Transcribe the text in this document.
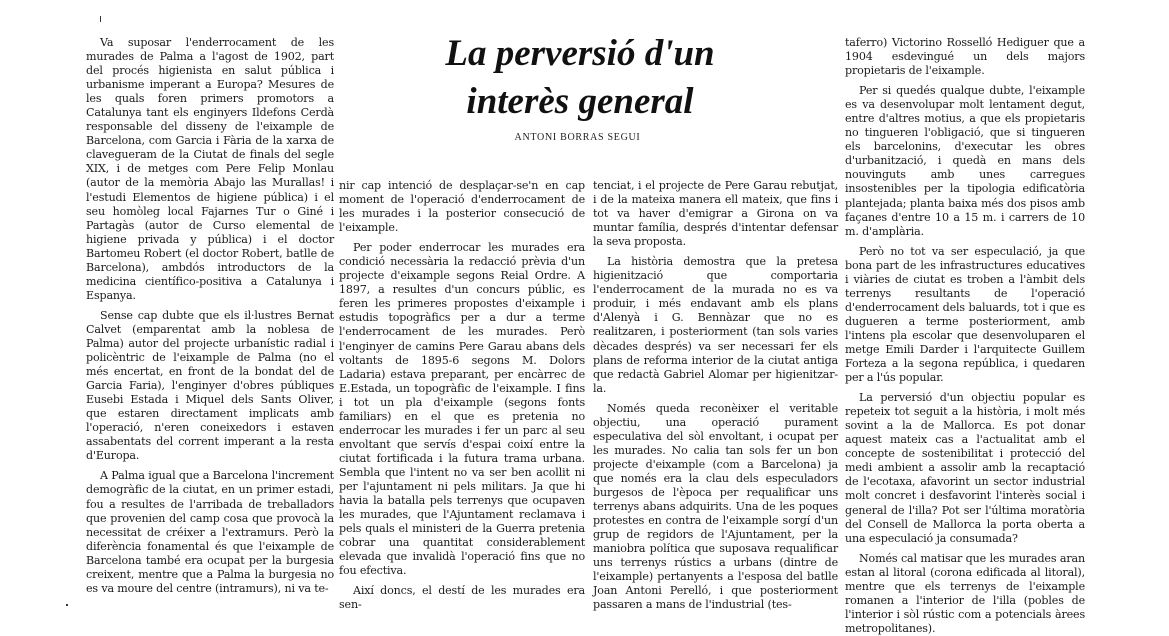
La perversió d'un
interès general
ANTONI BORRAS SEGUI

Va suposar l'enderrocament de les murades de Palma a l'agost de 1902, part del procés higienista en salut pública i urbanisme imperant a Europa? Mesures de les quals foren primers promotors a Catalunya tant els enginyers Ildefons Cerdà responsable del disseny de l'eixample de Barcelona, com Garcia i Fària de la xarxa de clavegueram de la Ciutat de finals del segle XIX, i de metges com Pere Felip Monlau (autor de la memòria Abajo las Murallas! i l'estudi Elementos de higiene pública) i el seu homòleg local Fajarnes Tur o Giné i Partagàs (autor de Curso elemental de higiene privada y pública) i el doctor Bartomeu Robert (el doctor Robert, batlle de Barcelona), ambdós introductors de la medicina científico-positiva a Catalunya i Espanya.

Sense cap dubte que els il·lustres Bernat Calvet (emparentat amb la noblesa de Palma) autor del projecte urbanístic radial i policèntric de l'eixample de Palma (no el més encertat, en front de la bondat del de Garcia Faria), l'enginyer d'obres públiques Eusebi Estada i Miquel dels Sants Oliver, que estaren directament implicats amb l'operació, n'eren coneixedors i estaven assabentats del corrent imperant a la resta d'Europa.

A Palma igual que a Barcelona l'increment demogràfic de la ciutat, en un primer estadi, fou a resultes de l'arribada de treballadors que provenien del camp cosa que provocà la necessitat de créixer a l'extramurs. Però la diferència fonamental és que l'eixample de Barcelona també era ocupat per la burgesia creixent, mentre que a Palma la burgesia no es va moure del centre (intramurs), ni va te-

nir cap intenció de desplaçar-se'n en cap moment de l'operació d'enderrocament de les murades i la posterior consecució de l'eixample.

Per poder enderrocar les murades era condició necessària la redacció prèvia d'un projecte d'eixample segons Reial Ordre. A 1897, a resultes d'un concurs públic, es feren les primeres propostes d'eixample i estudis topogràfics per a dur a terme l'enderrocament de les murades. Però l'enginyer de camins Pere Garau abans dels voltants de 1895-6 segons M. Dolors Ladaria) estava preparant, per encàrrec de E.Estada, un topogràfic de l'eixample. I fins i tot un pla d'eixample (segons fonts familiars) en el que es pretenia no enderrocar les murades i fer un parc al seu envoltant que servís d'espai coixí entre la ciutat fortificada i la futura trama urbana. Sembla que l'intent no va ser ben acollit ni per l'ajuntament ni pels militars. Ja que hi havia la batalla pels terrenys que ocupaven les murades, que l'Ajuntament reclamava i pels quals el ministeri de la Guerra pretenia cobrar una quantitat considerablement elevada que invalidà l'operació fins que no fou efectiva.

Així doncs, el destí de les murades era sen-

tenciat, i el projecte de Pere Garau rebutjat, i de la mateixa manera ell mateix, que fins i tot va haver d'emigrar a Girona on va muntar família, després d'intentar defensar la seva proposta.

La història demostra que la pretesa higienització que comportaria l'enderrocament de la murada no es va produir, i més endavant amb els plans d'Alenyà i G. Bennàzar que no es realitzaren, i posteriorment (tan sols varies dècades després) va ser necessari fer els plans de reforma interior de la ciutat antiga que redactà Gabriel Alomar per higienitzar-la.

Només queda reconèixer el veritable objectiu, una operació purament especulativa del sòl envoltant, i ocupat per les murades. No calia tan sols fer un bon projecte d'eixample (com a Barcelona) ja que només era la clau dels especuladors burgesos de l'època per requalificar uns terrenys abans adquirits. Una de les poques protestes en contra de l'eixample sorgí d'un grup de regidors de l'Ajuntament, per la maniobra política que suposava requalificar uns terrenys rústics a urbans (dintre de l'eixample) pertanyents a l'esposa del batlle Joan Antoni Perelló, i que posteriorment passaren a mans de l'industrial (tes-

taferro) Victorino Rosselló Hediguer que a 1904 esdevingué un dels majors propietaris de l'eixample.

Per si quedés qualque dubte, l'eixample es va desenvolupar molt lentament degut, entre d'altres motius, a que els propietaris no tingueren l'obligació, que si tingueren els barcelonins, d'executar les obres d'urbanització, i quedà en mans dels nouvinguts amb unes carregues insostenibles per la tipologia edificatòria plantejada; planta baixa més dos pisos amb façanes d'entre 10 a 15 m. i carrers de 10 m. d'amplària.

Però no tot va ser especulació, ja que bona part de les infrastructures educatives i viàries de ciutat es troben a l'àmbit dels terrenys resultants de l'operació d'enderrocament dels baluards, tot i que es dugueren a terme posteriorment, amb l'intens pla escolar que desenvoluparen el metge Emili Darder i l'arquitecte Guillem Forteza a la segona república, i quedaren per a l'ús popular.

La perversió d'un objectiu popular es repeteix tot seguit a la història, i molt més sovint a la de Mallorca. Es pot donar aquest mateix cas a l'actualitat amb el concepte de sostenibilitat i protecció del medi ambient a assolir amb la recaptació de l'ecotaxa, afavorint un sector industrial molt concret i desfavorint l'interès social i general de l'illa? Pot ser l'última moratòria del Consell de Mallorca la porta oberta a una especulació ja consumada?

Només cal matisar que les murades aran estan al litoral (corona edificada al litoral), mentre que els terrenys de l'eixample romanen a l'interior de l'illa (pobles de l'interior i sòl rústic com a potencials àrees metropolitanes).
